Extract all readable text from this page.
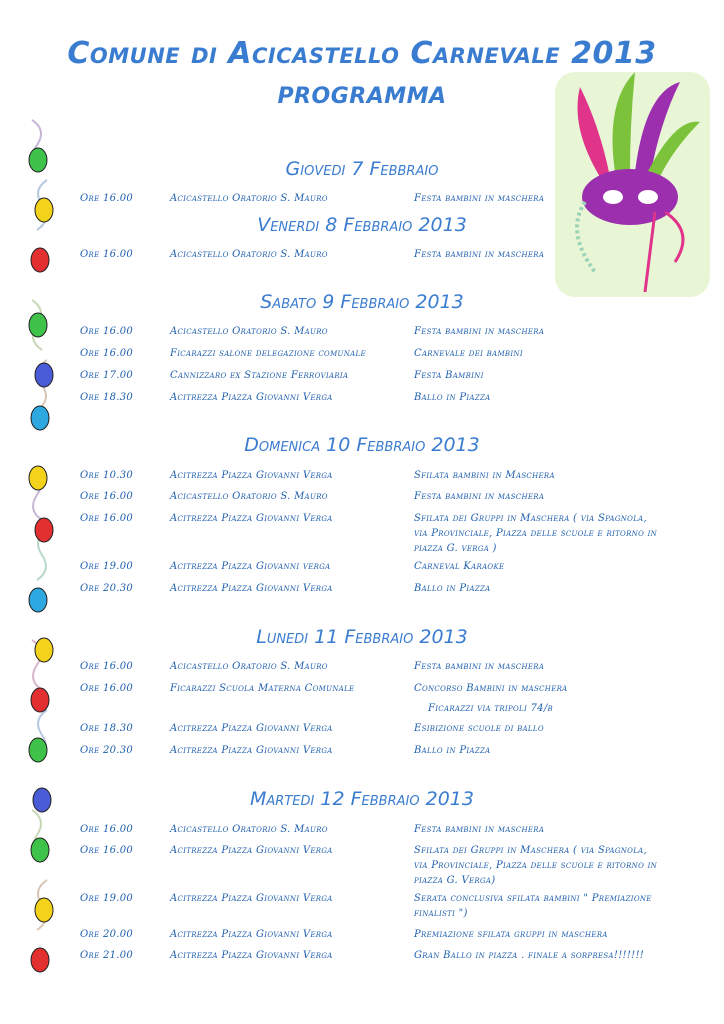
Comune di Acicastello Carnevale 2013
PROGRAMMA
Giovedi 7 Febbraio
Ore 16.00	Acicastello Oratorio S. Mauro	Festa bambini in maschera
Venerdi 8 Febbraio 2013
Ore 16.00	Acicastello Oratorio S. Mauro	Festa bambini in maschera
Sabato 9 Febbraio 2013
Ore 16.00	Acicastello Oratorio S. Mauro	Festa bambini in maschera
Ore 16.00	Ficarazzi salone delegazione comunale	Carnevale dei bambini
Ore 17.00	Cannizzaro ex Stazione Ferroviaria	Festa Bambini
Ore 18.30	Acitrezza Piazza Giovanni Verga	Ballo in Piazza
Domenica 10 Febbraio 2013
Ore 10.30	Acitrezza Piazza Giovanni Verga	Sfilata bambini in Maschera
Ore 16.00	Acicastello Oratorio S. Mauro	Festa bambini in maschera
Ore 16.00	Acitrezza Piazza Giovanni Verga	Sfilata dei Gruppi in Maschera ( via Spagnola, via Provinciale, Piazza delle scuole e ritorno in piazza G. verga )
Ore 19.00	Acitrezza Piazza Giovanni verga	Carneval Karaoke
Ore 20.30	Acitrezza Piazza Giovanni Verga	Ballo in Piazza
Lunedi 11 Febbraio 2013
Ore 16.00	Acicastello Oratorio S. Mauro	Festa bambini in maschera
Ore 16.00	Ficarazzi Scuola Materna Comunale	Concorso Bambini in maschera
Ficarazzi via tripoli 74/b
Ore 18.30	Acitrezza Piazza Giovanni Verga	Esibizione scuole di ballo
Ore 20.30	Acitrezza Piazza Giovanni Verga	Ballo in Piazza
Martedi 12 Febbraio 2013
Ore 16.00	Acicastello Oratorio S. Mauro	Festa bambini in maschera
Ore 16.00	Acitrezza Piazza Giovanni Verga	Sfilata dei Gruppi in Maschera ( via Spagnola, via Provinciale, Piazza delle scuole e ritorno in piazza G. Verga)
Ore 19.00	Acitrezza Piazza Giovanni Verga	Serata conclusiva sfilata bambini " Premiazione finalisti ")
Ore 20.00	Acitrezza Piazza Giovanni Verga	Premiazione sfilata gruppi in maschera
Ore 21.00	Acitrezza Piazza Giovanni Verga	Gran Ballo in piazza . finale a sorpresa!!!!!!!
